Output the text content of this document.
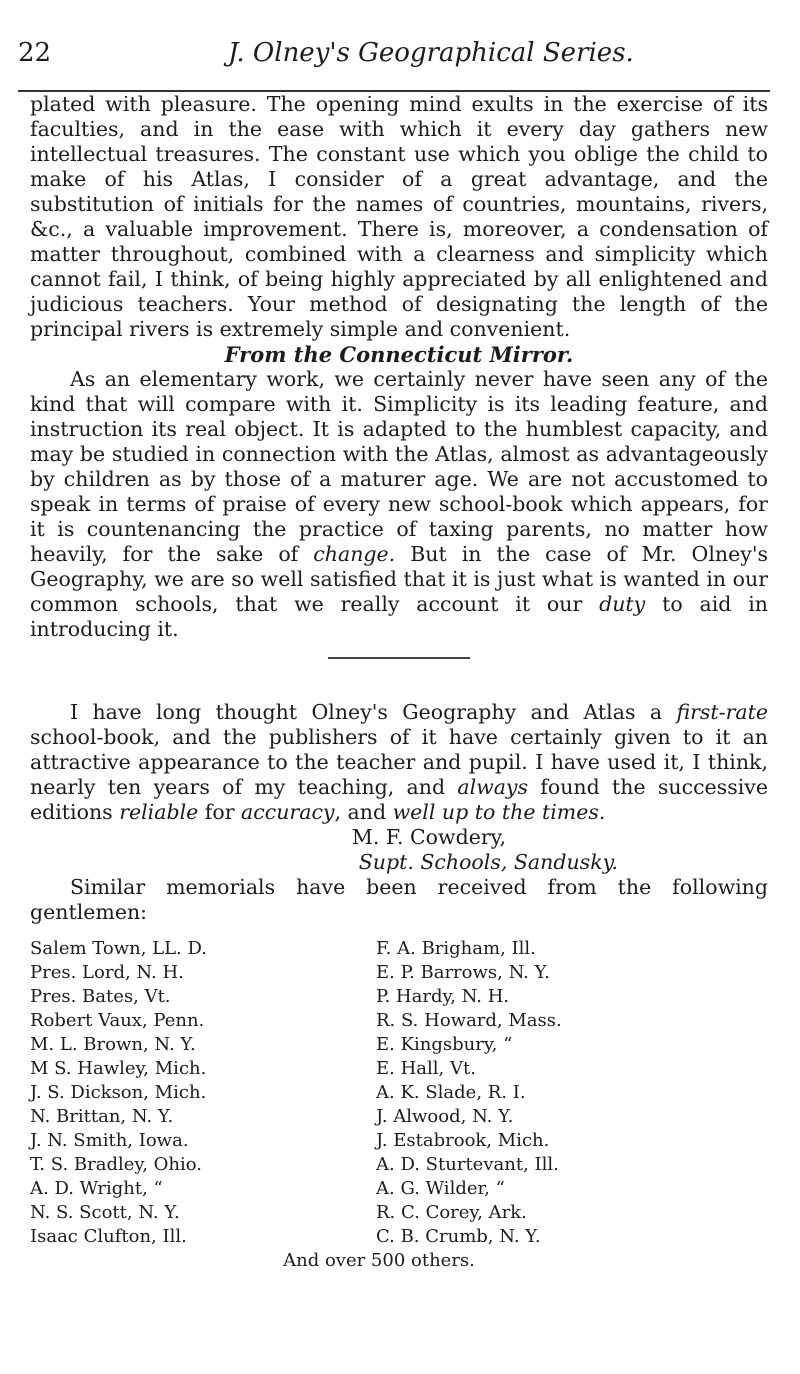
22	J. Olney's Geographical Series.

plated with pleasure. The opening mind exults in the exercise of its faculties, and in the ease with which it every day gathers new intellectual treasures. The constant use which you oblige the child to make of his Atlas, I consider of a great advantage, and the substitution of initials for the names of countries, mountains, rivers, &c., a valuable improvement. There is, moreover, a condensation of matter throughout, combined with a clearness and simplicity which cannot fail, I think, of being highly appreciated by all enlightened and judicious teachers. Your method of designating the length of the principal rivers is extremely simple and convenient.

From the Connecticut Mirror.

As an elementary work, we certainly never have seen any of the kind that will compare with it. Simplicity is its leading feature, and instruction its real object. It is adapted to the humblest capacity, and may be studied in connection with the Atlas, almost as advantageously by children as by those of a maturer age. We are not accustomed to speak in terms of praise of every new school-book which appears, for it is countenancing the practice of taxing parents, no matter how heavily, for the sake of change. But in the case of Mr. Olney's Geography, we are so well satisfied that it is just what is wanted in our common schools, that we really account it our duty to aid in introducing it.

I have long thought Olney's Geography and Atlas a first-rate school-book, and the publishers of it have certainly given to it an attractive appearance to the teacher and pupil. I have used it, I think, nearly ten years of my teaching, and always found the successive editions reliable for accuracy, and well up to the times.

M. F. Cowdery,
Supt. Schools, Sandusky.

Similar memorials have been received from the following gentlemen:

Salem Town, LL. D.
Pres. Lord, N. H.
Pres. Bates, Vt.
Robert Vaux, Penn.
M. L. Brown, N. Y.
M S. Hawley, Mich.
J. S. Dickson, Mich.
N. Brittan, N. Y.
J. N. Smith, Iowa.
T. S. Bradley, Ohio.
A. D. Wright, “
N. S. Scott, N. Y.
Isaac Clufton, Ill.
F. A. Brigham, Ill.
E. P. Barrows, N. Y.
P. Hardy, N. H.
R. S. Howard, Mass.
E. Kingsbury, “
E. Hall, Vt.
A. K. Slade, R. I.
J. Alwood, N. Y.
J. Estabrook, Mich.
A. D. Sturtevant, Ill.
A. G. Wilder, “
R. C. Corey, Ark.
C. B. Crumb, N. Y.
And over 500 others.
